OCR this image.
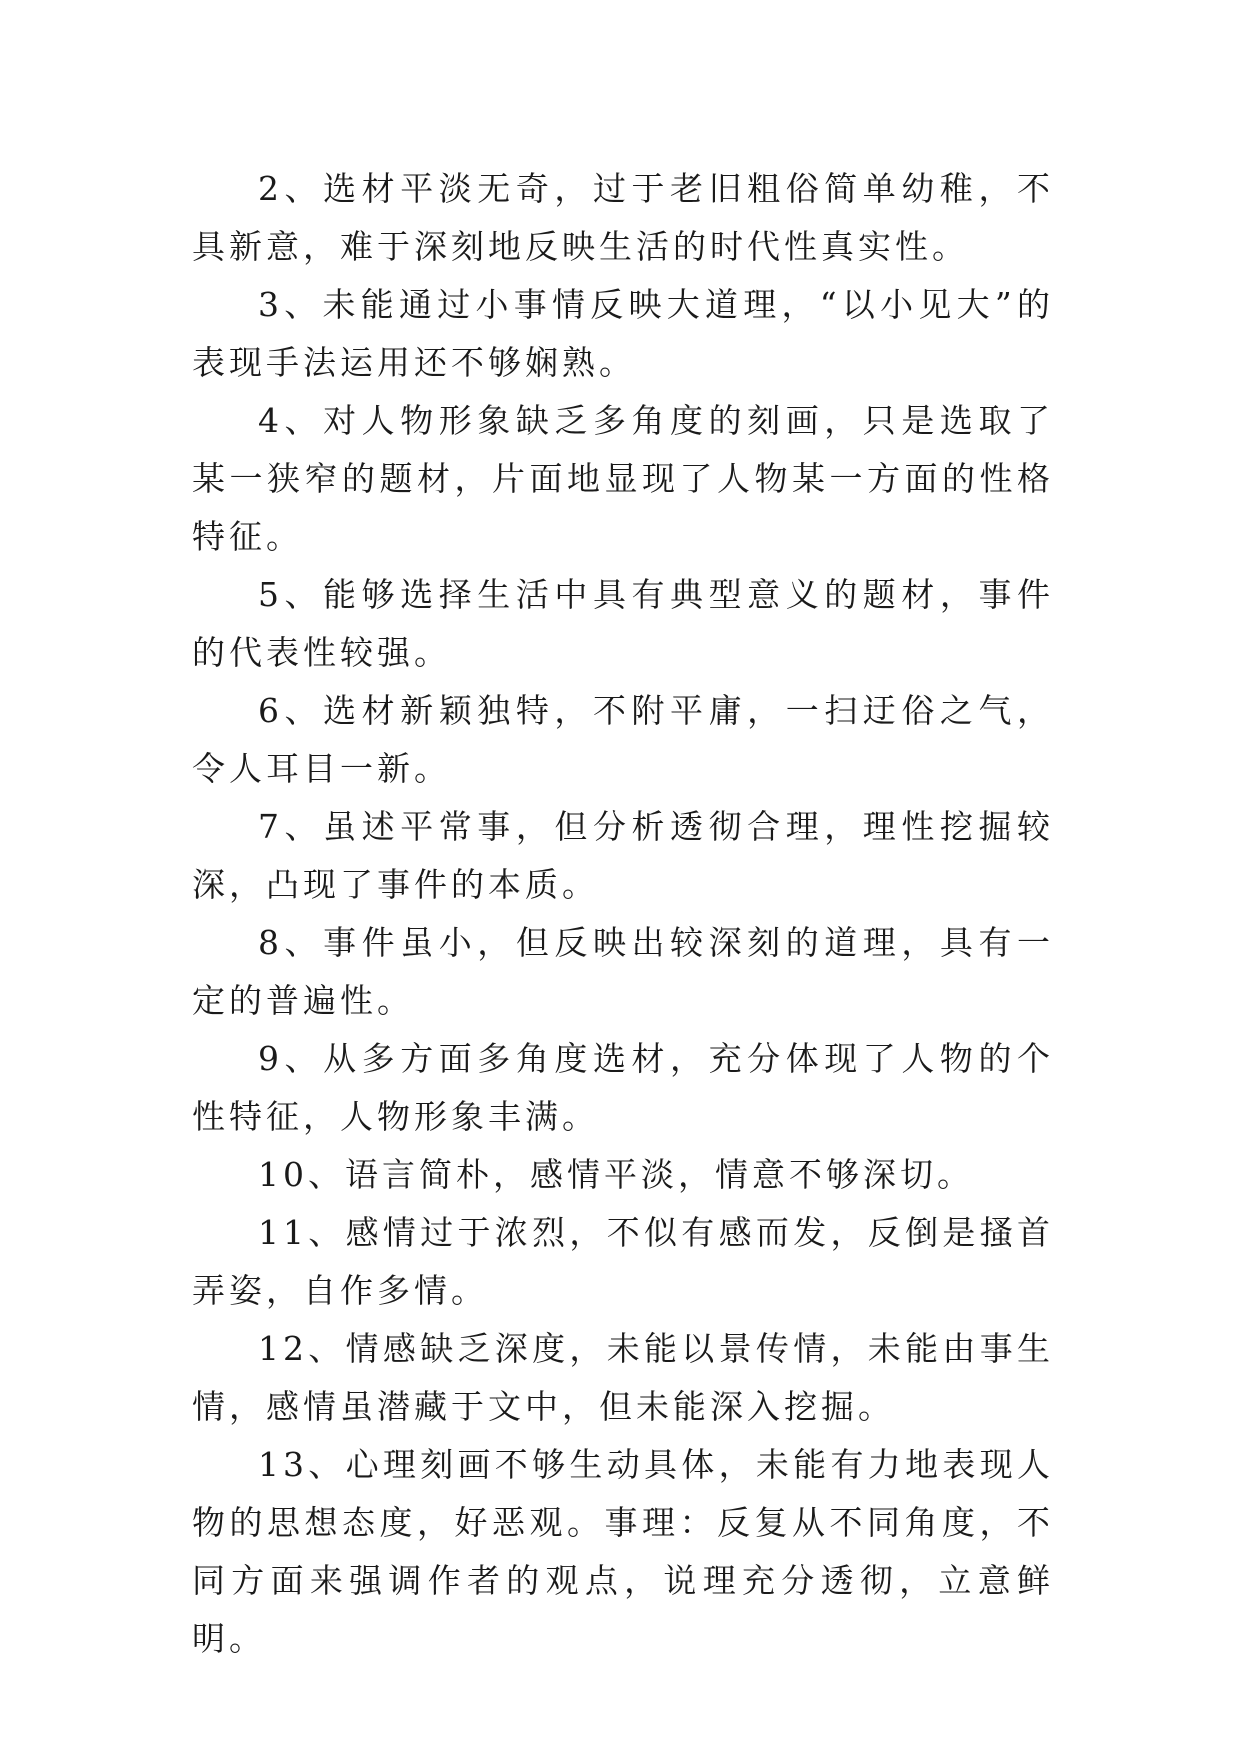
2、选材平淡无奇，过于老旧粗俗简单幼稚，不具新意，难于深刻地反映生活的时代性真实性。

3、未能通过小事情反映大道理，“以小见大”的表现手法运用还不够娴熟。

4、对人物形象缺乏多角度的刻画，只是选取了某一狭窄的题材，片面地显现了人物某一方面的性格特征。

5、能够选择生活中具有典型意义的题材，事件的代表性较强。

6、选材新颖独特，不附平庸，一扫迂俗之气，令人耳目一新。

7、虽述平常事，但分析透彻合理，理性挖掘较深，凸现了事件的本质。

8、事件虽小，但反映出较深刻的道理，具有一定的普遍性。

9、从多方面多角度选材，充分体现了人物的个性特征，人物形象丰满。

10、语言简朴，感情平淡，情意不够深切。

11、感情过于浓烈，不似有感而发，反倒是搔首弄姿，自作多情。

12、情感缺乏深度，未能以景传情，未能由事生情，感情虽潜藏于文中，但未能深入挖掘。

13、心理刻画不够生动具体，未能有力地表现人物的思想态度，好恶观。事理：反复从不同角度，不同方面来强调作者的观点，说理充分透彻，立意鲜明。
